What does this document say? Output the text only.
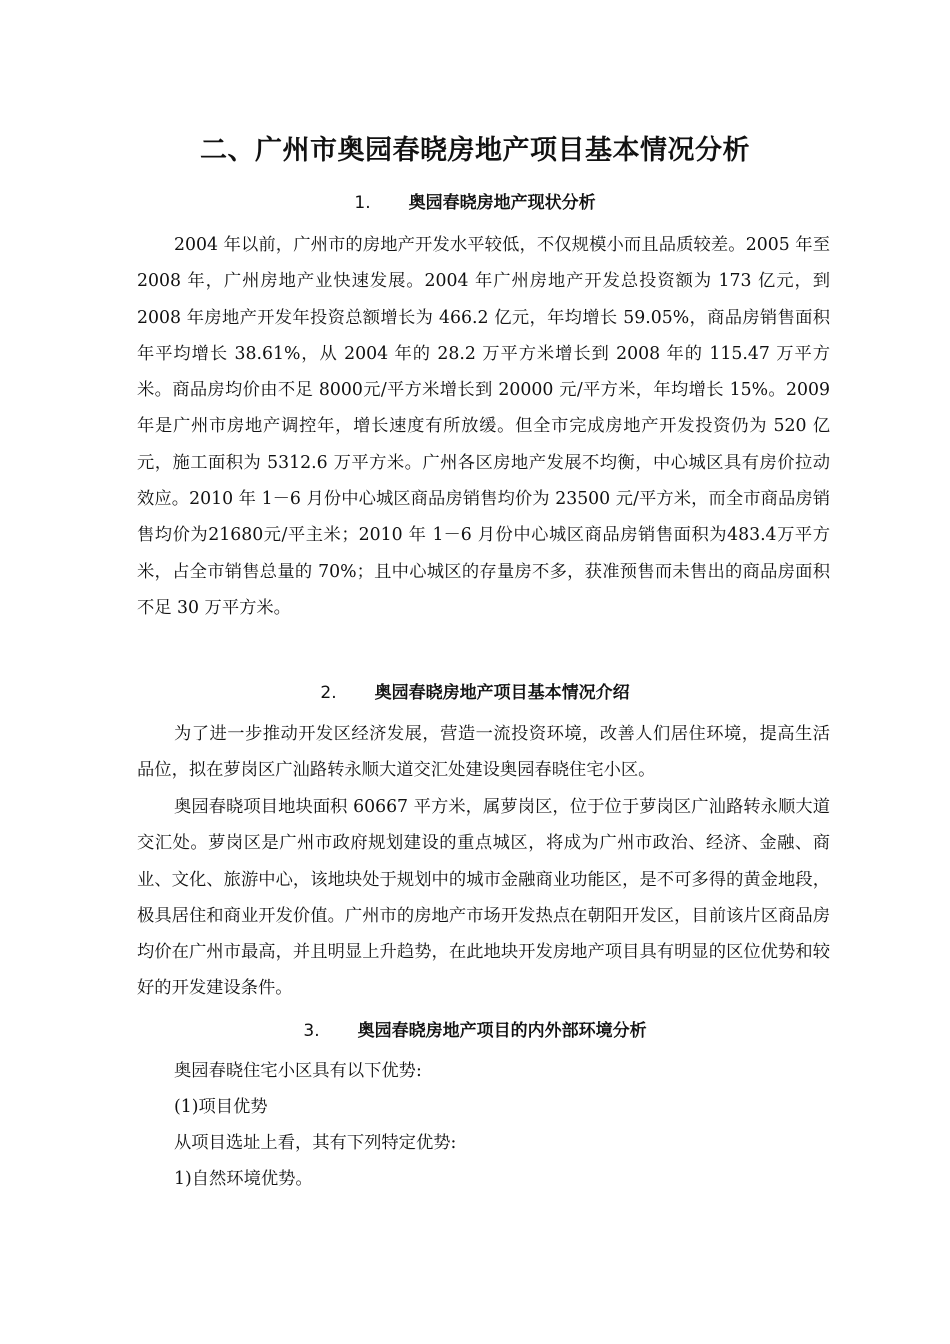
二、广州市奥园春晓房地产项目基本情况分析
1. 奥园春晓房地产现状分析
2004 年以前，广州市的房地产开发水平较低，不仅规模小而且品质较差。2005 年至 2008 年，广州房地产业快速发展。2004 年广州房地产开发总投资额为 173 亿元，到 2008 年房地产开发年投资总额增长为 466.2 亿元，年均增长 59.05%，商品房销售面积年平均增长 38.61%，从 2004 年的 28.2 万平方米增长到 2008 年的 115.47 万平方米。商品房均价由不足 8000元/平方米增长到 20000 元/平方米，年均增长 15%。2009 年是广州市房地产调控年，增长速度有所放缓。但全市完成房地产开发投资仍为 520 亿元，施工面积为 5312.6 万平方米。广州各区房地产发展不均衡，中心城区具有房价拉动效应。2010 年 1－6 月份中心城区商品房销售均价为 23500 元/平方米，而全市商品房销售均价为21680元/平主米；2010 年 1－6 月份中心城区商品房销售面积为483.4万平方米，占全市销售总量的 70%；且中心城区的存量房不多，获准预售而未售出的商品房面积不足 30 万平方米。
2. 奥园春晓房地产项目基本情况介绍
为了进一步推动开发区经济发展，营造一流投资环境，改善人们居住环境，提高生活品位，拟在萝岗区广汕路转永顺大道交汇处建设奥园春晓住宅小区。
奥园春晓项目地块面积 60667 平方米，属萝岗区，位于位于萝岗区广汕路转永顺大道交汇处。萝岗区是广州市政府规划建设的重点城区，将成为广州市政治、经济、金融、商业、文化、旅游中心，该地块处于规划中的城市金融商业功能区，是不可多得的黄金地段，极具居住和商业开发价值。广州市的房地产市场开发热点在朝阳开发区，目前该片区商品房均价在广州市最高，并且明显上升趋势，在此地块开发房地产项目具有明显的区位优势和较好的开发建设条件。
3. 奥园春晓房地产项目的内外部环境分析
奥园春晓住宅小区具有以下优势:
(1)项目优势
从项目选址上看，其有下列特定优势:
1)自然环境优势。
